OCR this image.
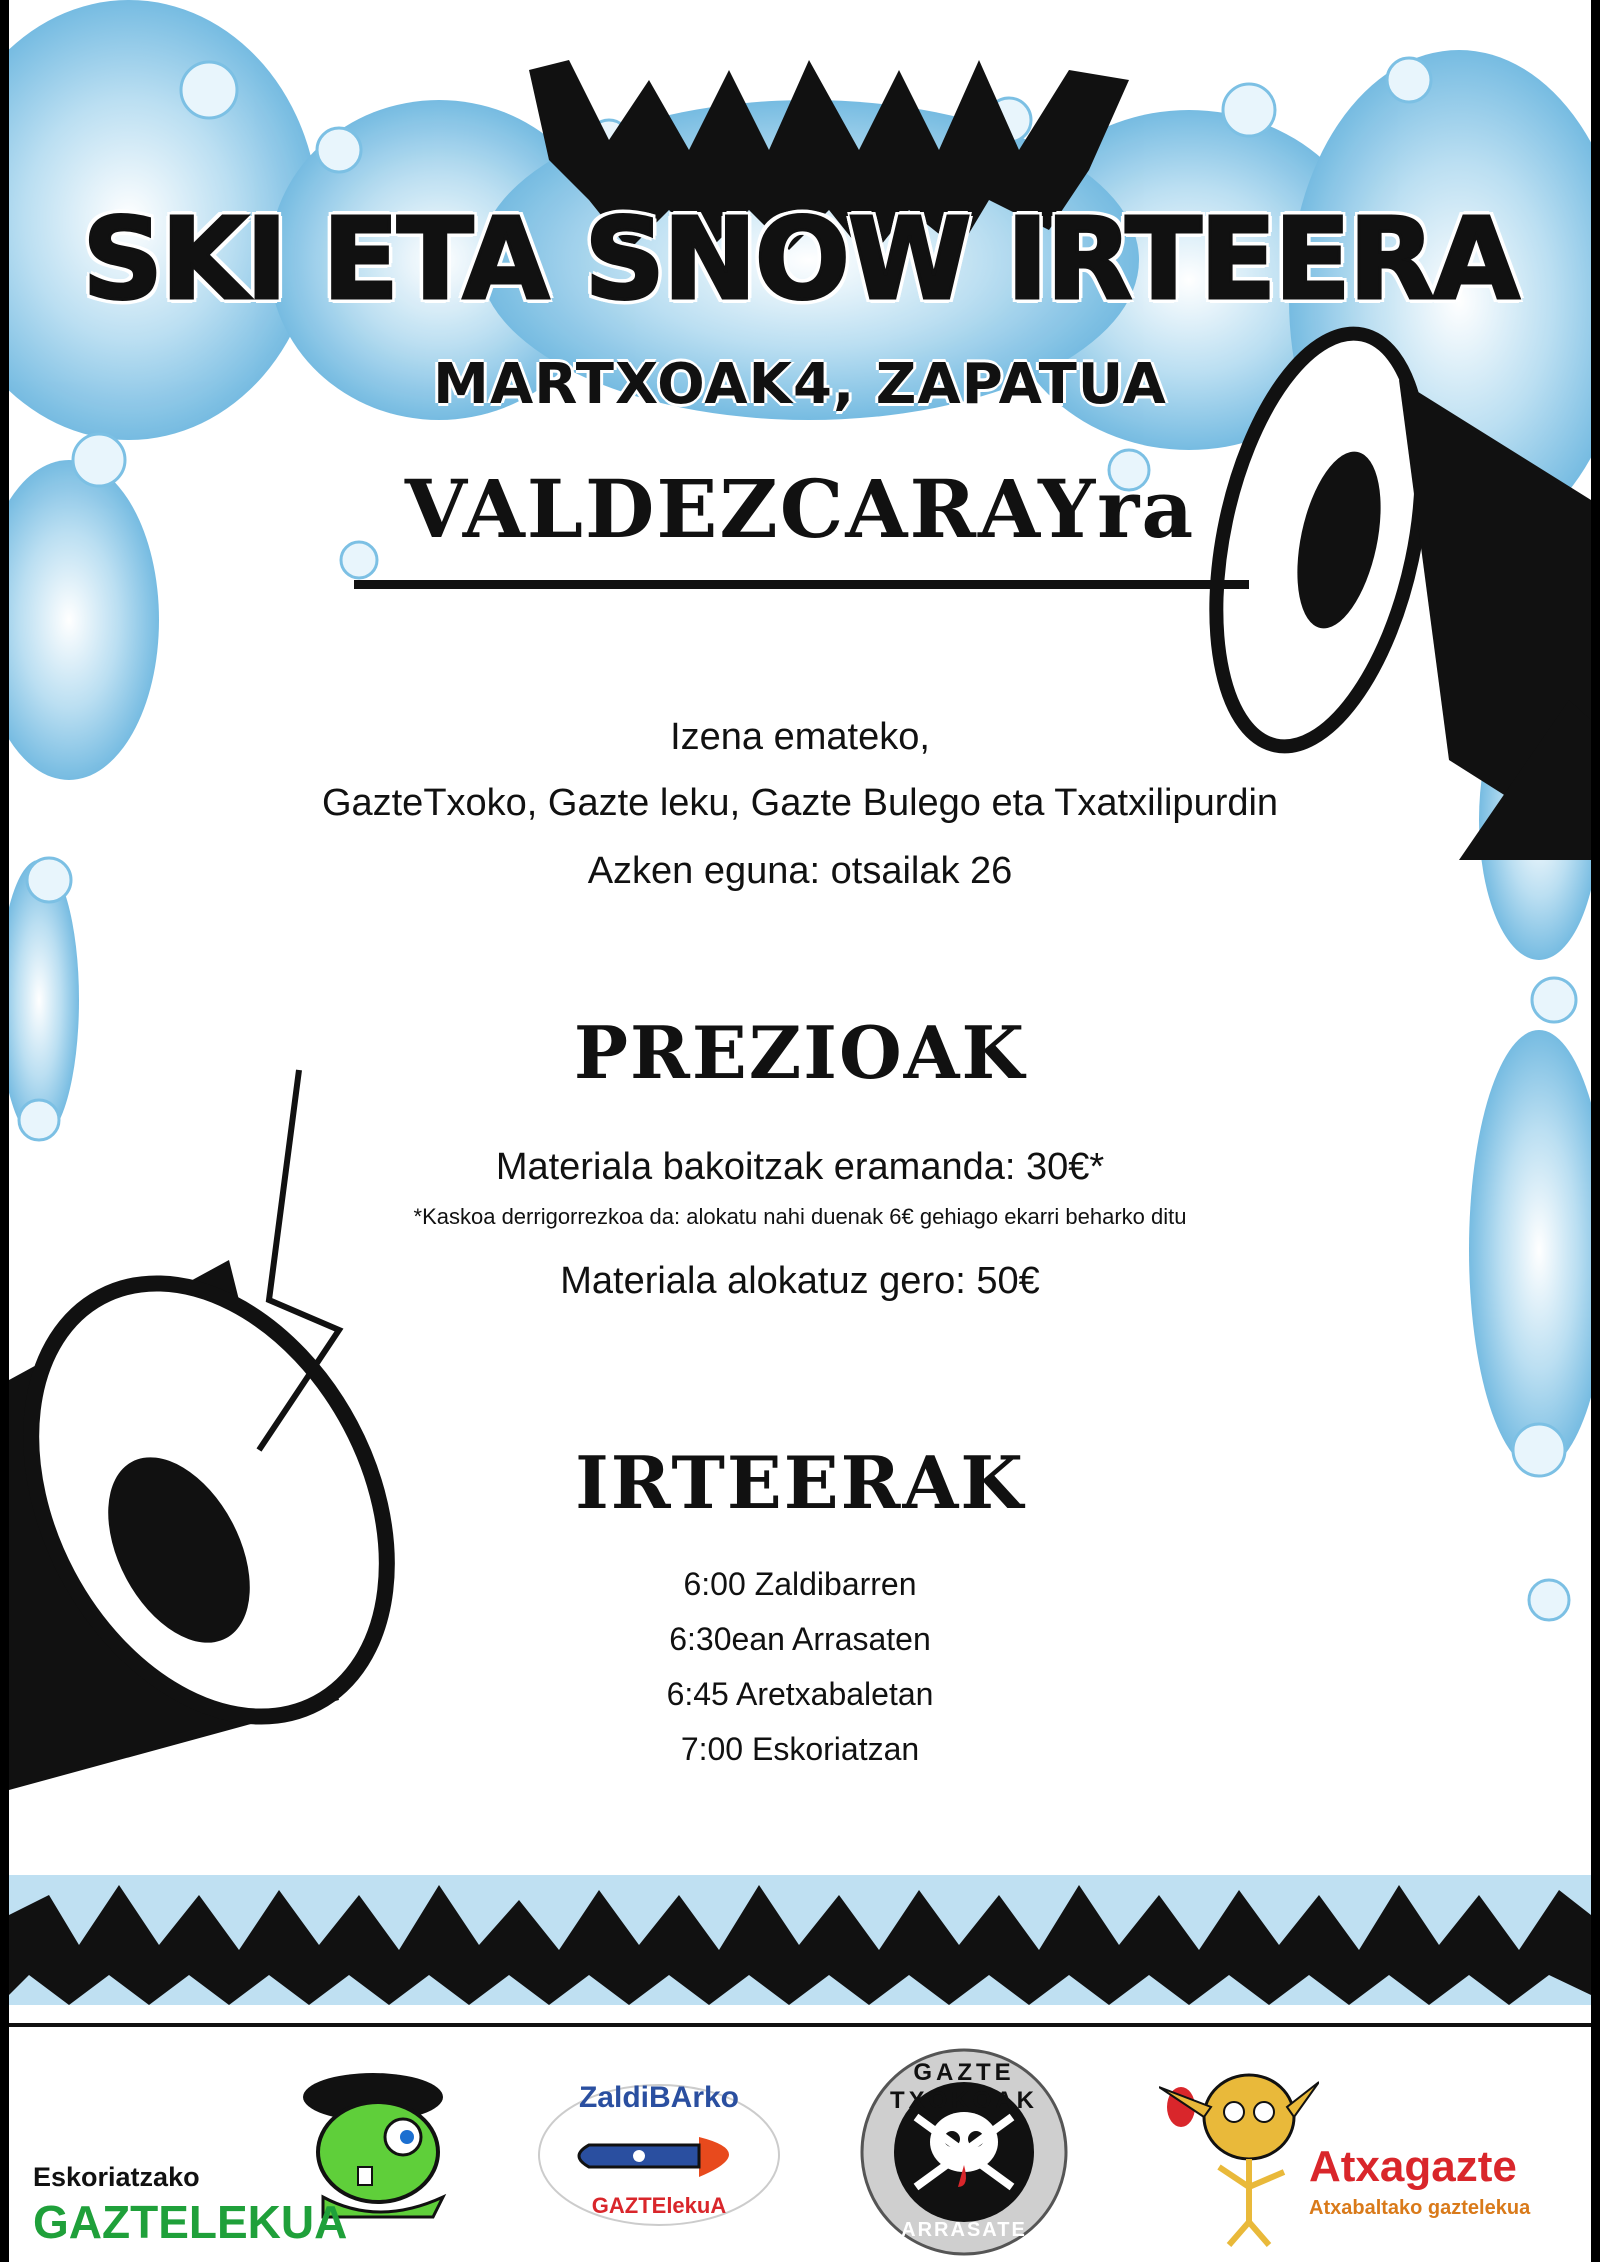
SKI ETA SNOW IRTEERA
MARTXOAK4, ZAPATUA
VALDEZCARAYra
Izena emateko,
GazteTxoko, Gazte leku, Gazte Bulego eta Txatxilipurdin
Azken eguna: otsailak 26
PREZIOAK
Materiala bakoitzak eramanda: 30€*
*Kaskoa derrigorrezkoa da: alokatu nahi duenak 6€ gehiago ekarri beharko ditu
Materiala alokatuz gero: 50€
IRTEERAK
6:00 Zaldibarren
6:30ean Arrasaten
6:45 Aretxabaletan
7:00 Eskoriatzan
Eskoriatzako
GAZTELEKUA
ZaldiBArko
GAZTElekuA
GAZTE TXOKOAK
ARRASATE
Atxagazte
Atxabaltako gaztelekua
